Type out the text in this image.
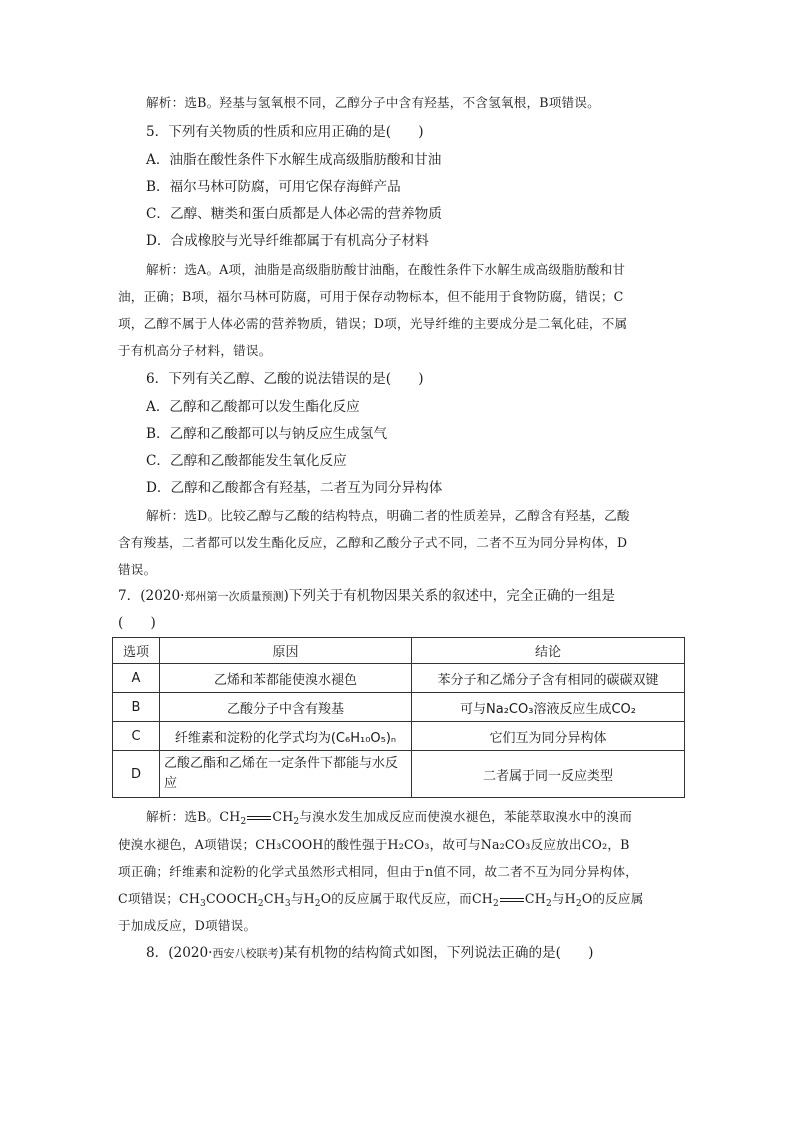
解析：选B。羟基与氢氧根不同，乙醇分子中含有羟基，不含氢氧根，B项错误。
5．下列有关物质的性质和应用正确的是(　　)
A．油脂在酸性条件下水解生成高级脂肪酸和甘油
B．福尔马林可防腐，可用它保存海鲜产品
C．乙醇、糖类和蛋白质都是人体必需的营养物质
D．合成橡胶与光导纤维都属于有机高分子材料
解析：选A。A项，油脂是高级脂肪酸甘油酯，在酸性条件下水解生成高级脂肪酸和甘
油，正确；B项，福尔马林可防腐，可用于保存动物标本，但不能用于食物防腐，错误；C
项，乙醇不属于人体必需的营养物质，错误；D项，光导纤维的主要成分是二氧化硅，不属
于有机高分子材料，错误。
6．下列有关乙醇、乙酸的说法错误的是(　　)
A．乙醇和乙酸都可以发生酯化反应
B．乙醇和乙酸都可以与钠反应生成氢气
C．乙醇和乙酸都能发生氧化反应
D．乙醇和乙酸都含有羟基，二者互为同分异构体
解析：选D。比较乙醇与乙酸的结构特点，明确二者的性质差异，乙醇含有羟基，乙酸
含有羧基，二者都可以发生酯化反应，乙醇和乙酸分子式不同，二者不互为同分异构体，D
错误。
(　　)
使溴水褪色，A项错误；CH₃COOH的酸性强于H₂CO₃，故可与Na₂CO₃反应放出CO₂，B
项正确；纤维素和淀粉的化学式虽然形式相同，但由于n值不同，故二者不互为同分异构体，
于加成反应，D项错误。
7．(2020·郑州第一次质量预测)下列关于有机物因果关系的叙述中，完全正确的一组是
选项	原因	结论
A	乙烯和苯都能使溴水褪色	苯分子和乙烯分子含有相同的碳碳双键
B	乙酸分子中含有羧基	可与Na₂CO₃溶液反应生成CO₂
C	纤维素和淀粉的化学式均为(C₆H₁₀O₅)ₙ	它们互为同分异构体
D	乙酸乙酯和乙烯在一定条件下都能与水反应	二者属于同一反应类型
解析：选B。$CH_2$ $CH_2$与溴水发生加成反应而使溴水褪色，苯能萃取溴水中的溴而
C项错误；$CH_3COOCH_2CH_3$与$H_2O$的反应属于取代反应，而$CH_2$ $CH_2$与$H_2O$的反应属
8．(2020·西安八校联考)某有机物的结构简式如图，下列说法正确的是(　　)
